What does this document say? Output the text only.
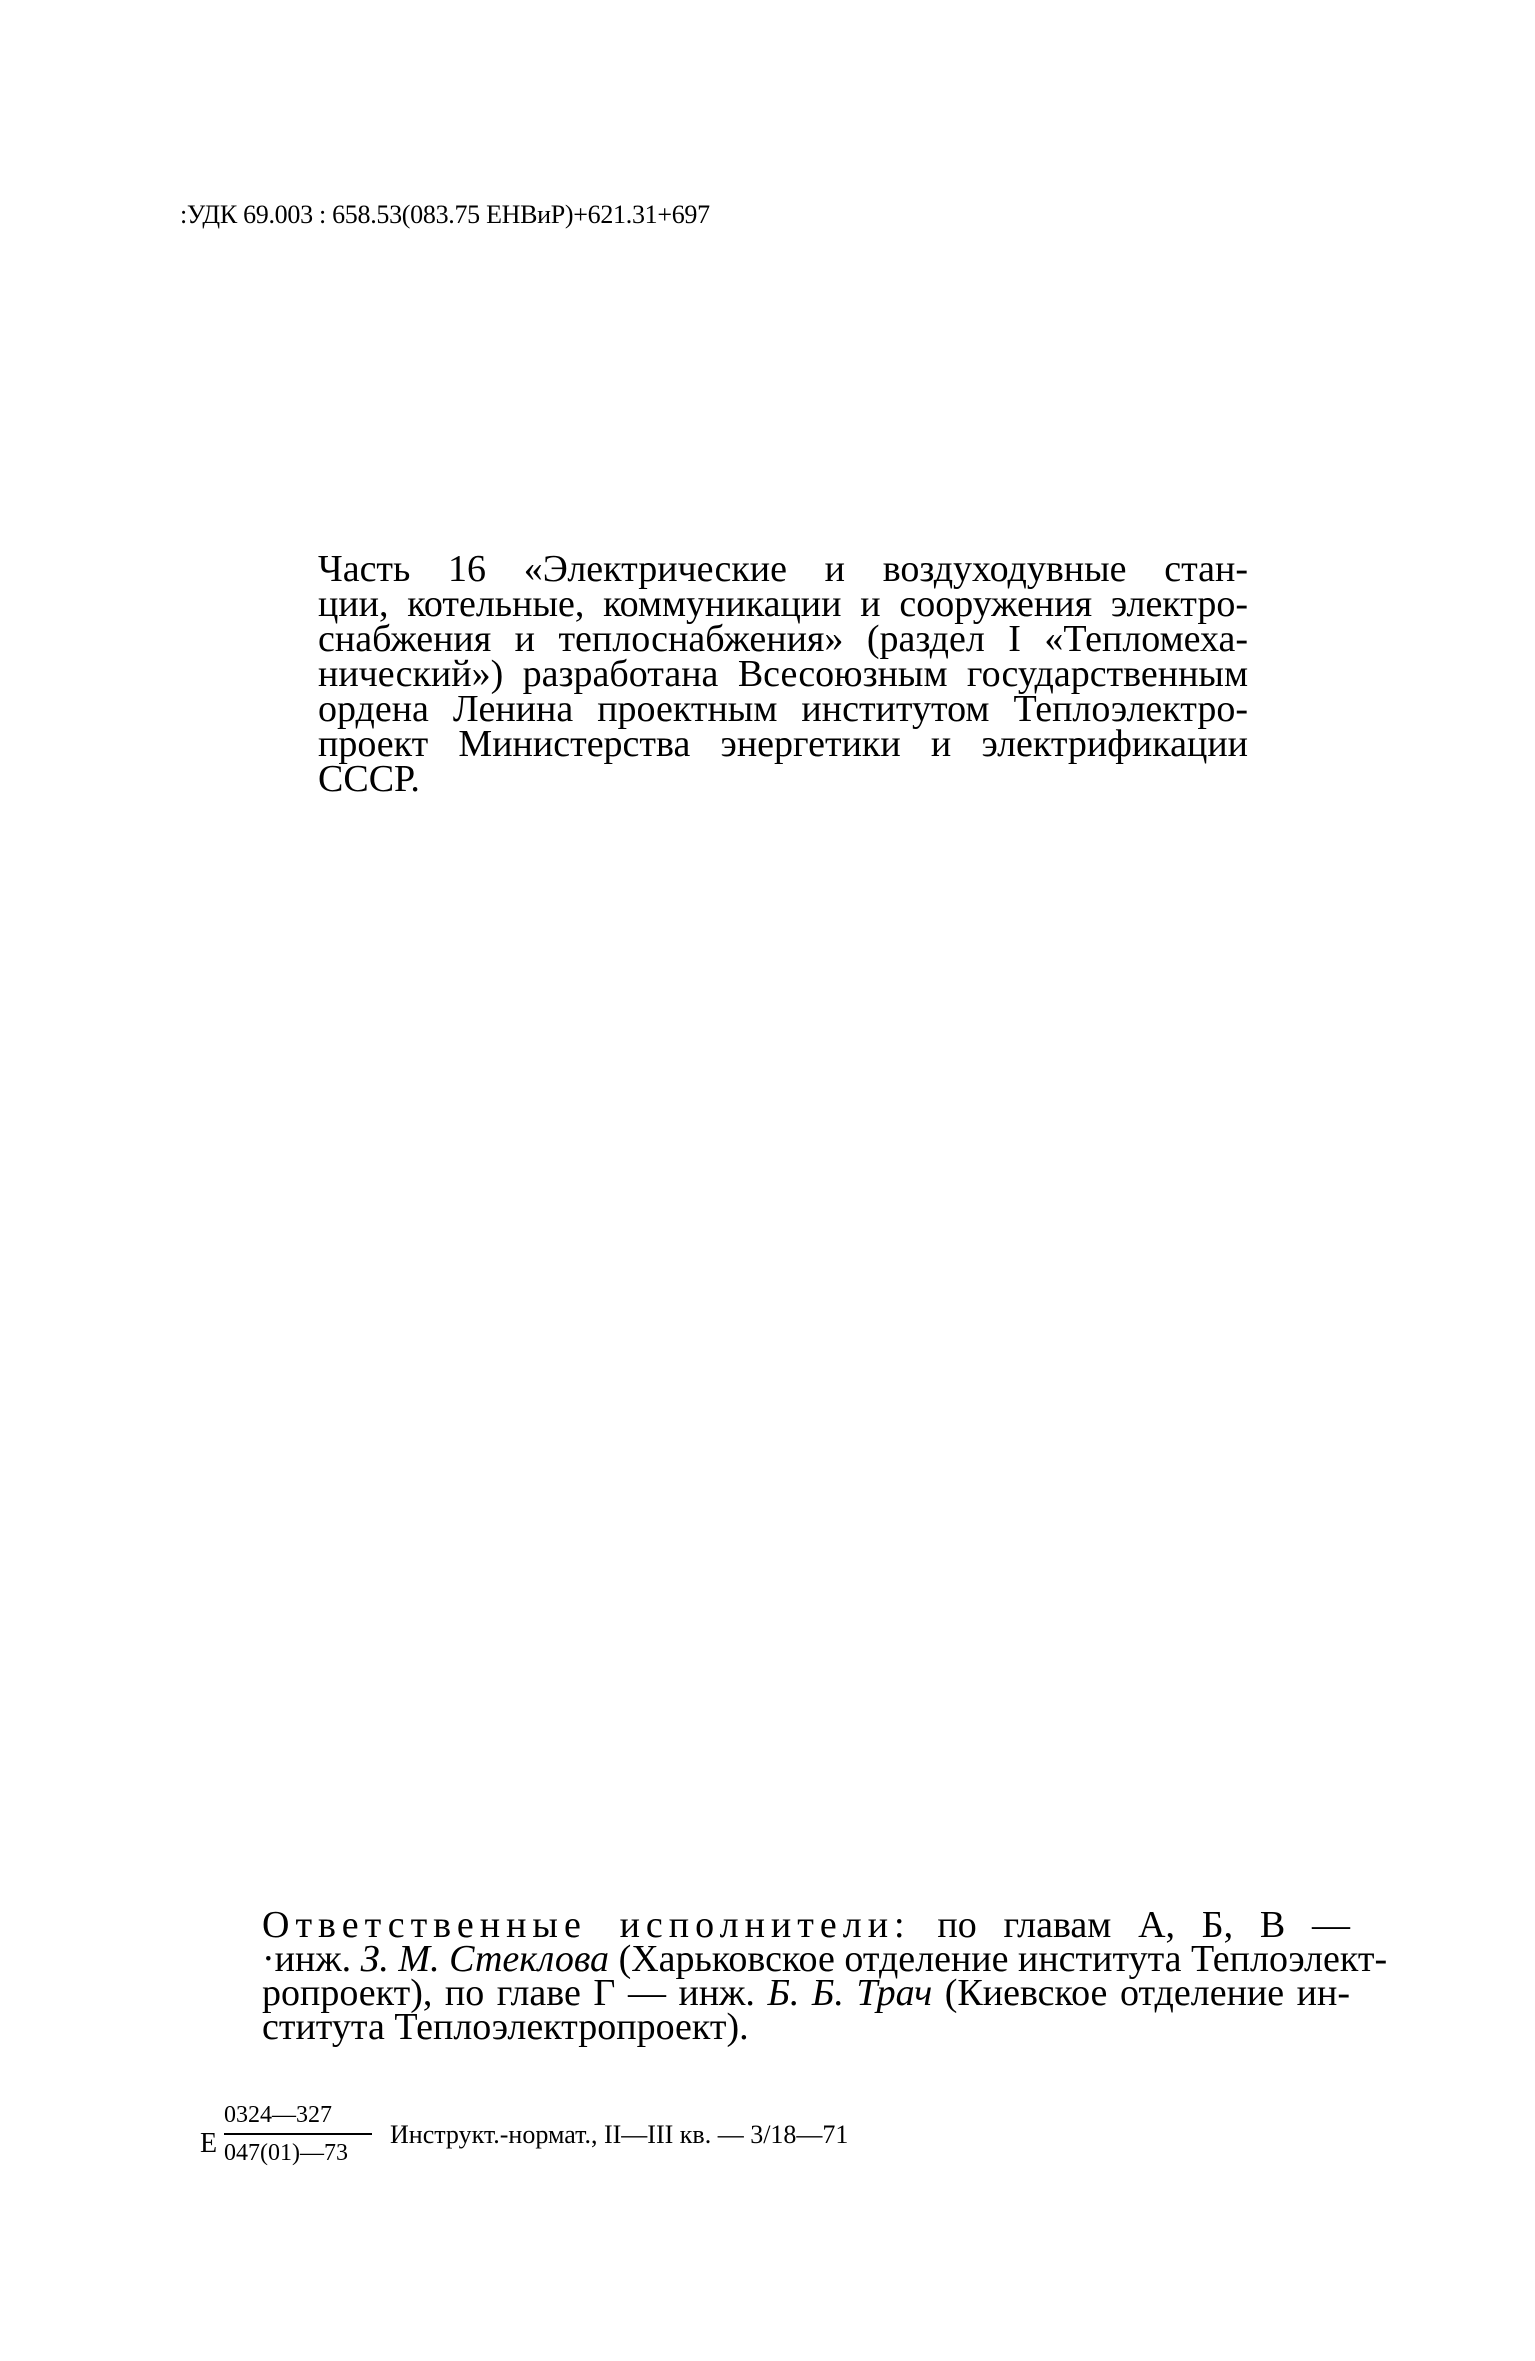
:УДК 69.003 : 658.53(083.75 ЕНВиР)+621.31+697
Часть 16 «Электрические и воздуходувные стан-
ции, котельные, коммуникации и сооружения электро-
снабжения и теплоснабжения» (раздел I «Тепломеха-
нический») разработана Всесоюзным государственным
ордена Ленина проектным институтом Теплоэлектро-
проект Министерства энергетики и электрификации
СССР.
Ответственные исполнители: по главам А, Б, В —
·инж. З. М. Стеклова (Харьковское отделение института Теплоэлект-
ропроект), по главе Г — инж. Б. Б. Трач (Киевское отделение ин-
ститута Теплоэлектропроект).
Е
0324—327
047(01)—73
Инструкт.-нормат., II—III кв. — 3/18—71
